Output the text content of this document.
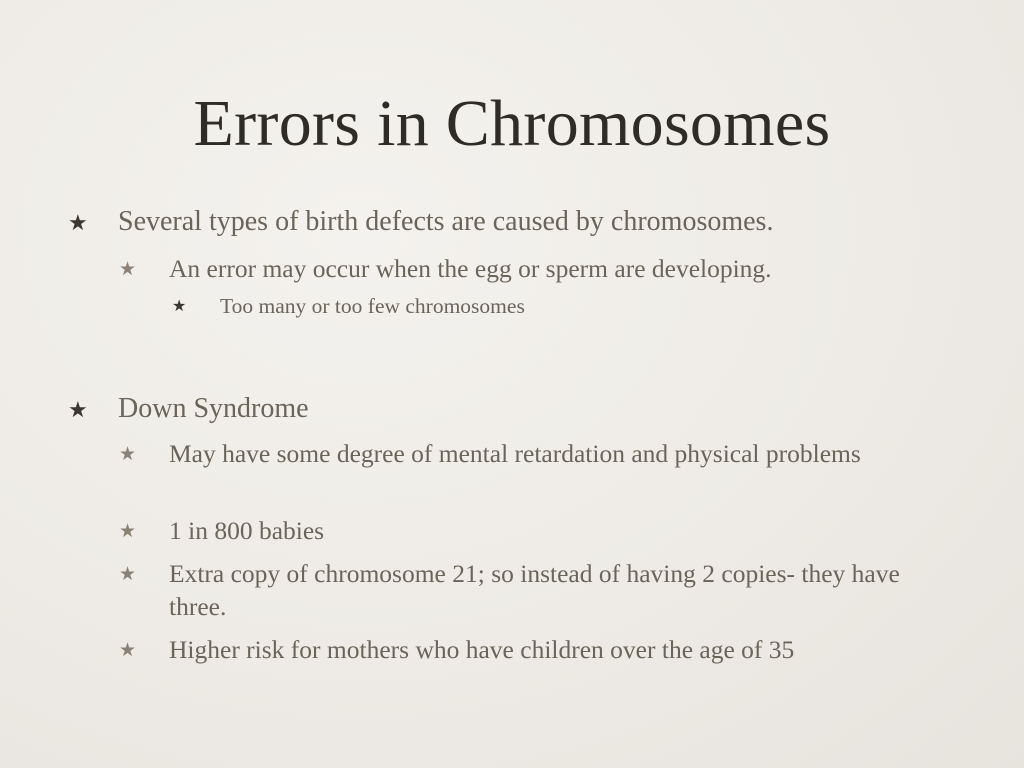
Errors in Chromosomes
★ Several types of birth defects are caused by chromosomes.
★ An error may occur when the egg or sperm are developing.
★ Too many or too few chromosomes
★ Down Syndrome
★ May have some degree of mental retardation and physical problems
★ 1 in 800 babies
★ Extra copy of chromosome 21; so instead of having 2 copies- they have three.
★ Higher risk for mothers who have children over the age of 35
